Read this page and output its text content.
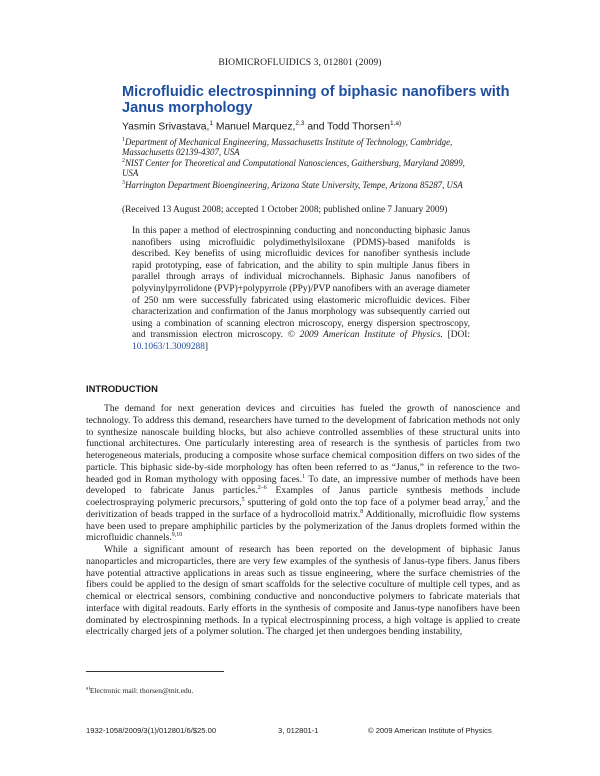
BIOMICROFLUIDICS 3, 012801 (2009)
Microfluidic electrospinning of biphasic nanofibers with Janus morphology
Yasmin Srivastava,$^1$ Manuel Marquez,$^{2,3}$ and Todd Thorsen$^{1,a)}$
$^1$Department of Mechanical Engineering, Massachusetts Institute of Technology, Cambridge, Massachusetts 02139-4307, USA
$^2$NIST Center for Theoretical and Computational Nanosciences, Gaithersburg, Maryland 20899, USA
$^3$Harrington Department Bioengineering, Arizona State University, Tempe, Arizona 85287, USA
(Received 13 August 2008; accepted 1 October 2008; published online 7 January 2009)
In this paper a method of electrospinning conducting and nonconducting biphasic Janus nanofibers using microfluidic polydimethylsiloxane (PDMS)-based manifolds is described. Key benefits of using microfluidic devices for nanofiber synthesis include rapid prototyping, ease of fabrication, and the ability to spin multiple Janus fibers in parallel through arrays of individual microchannels. Biphasic Janus nanofibers of polyvinylpyrrolidone (PVP)+polypyrrole (PPy)/PVP nanofibers with an average diameter of 250 nm were successfully fabricated using elastomeric microfluidic devices. Fiber characterization and confirmation of the Janus morphology was subsequently carried out using a combination of scanning electron microscopy, energy dispersion spectroscopy, and transmission electron microscopy. © 2009 American Institute of Physics. [DOI: 10.1063/1.3009288]
INTRODUCTION

The demand for next generation devices and circuities has fueled the growth of nanoscience and technology. To address this demand, researchers have turned to the development of fabrication methods not only to synthesize nanoscale building blocks, but also achieve controlled assemblies of these structural units into functional architectures. One particularly interesting area of research is the synthesis of particles from two heterogeneous materials, producing a composite whose surface chemical composition differs on two sides of the particle. This biphasic side-by-side morphology has often been referred to as “Janus,” in reference to the two-headed god in Roman mythology with opposing faces.$^1$ To date, an impressive number of methods have been developed to fabricate Janus particles.$^{2-6}$ Examples of Janus particle synthesis methods include coelectrospraying polymeric precursors,$^5$ sputtering of gold onto the top face of a polymer bead array,$^7$ and the derivitization of beads trapped in the surface of a hydrocolloid matrix.$^8$ Additionally, microfluidic flow systems have been used to prepare amphiphilic particles by the polymerization of the Janus droplets formed within the microfluidic channels.$^{9,10}$

While a significant amount of research has been reported on the development of biphasic Janus nanoparticles and microparticles, there are very few examples of the synthesis of Janus-type fibers. Janus fibers have potential attractive applications in areas such as tissue engineering, where the surface chemistries of the fibers could be applied to the design of smart scaffolds for the selective coculture of multiple cell types, and as chemical or electrical sensors, combining conductive and nonconductive polymers to fabricate materials that interface with digital readouts. Early efforts in the synthesis of composite and Janus-type nanofibers have been dominated by electrospinning methods. In a typical electrospinning process, a high voltage is applied to create electrically charged jets of a polymer solution. The charged jet then undergoes bending instability,

$^{a)}$Electronic mail: thorsen@mit.edu.
1932-1058/2009/3(1)/012801/6/$25.00	3, 012801-1	© 2009 American Institute of Physics
